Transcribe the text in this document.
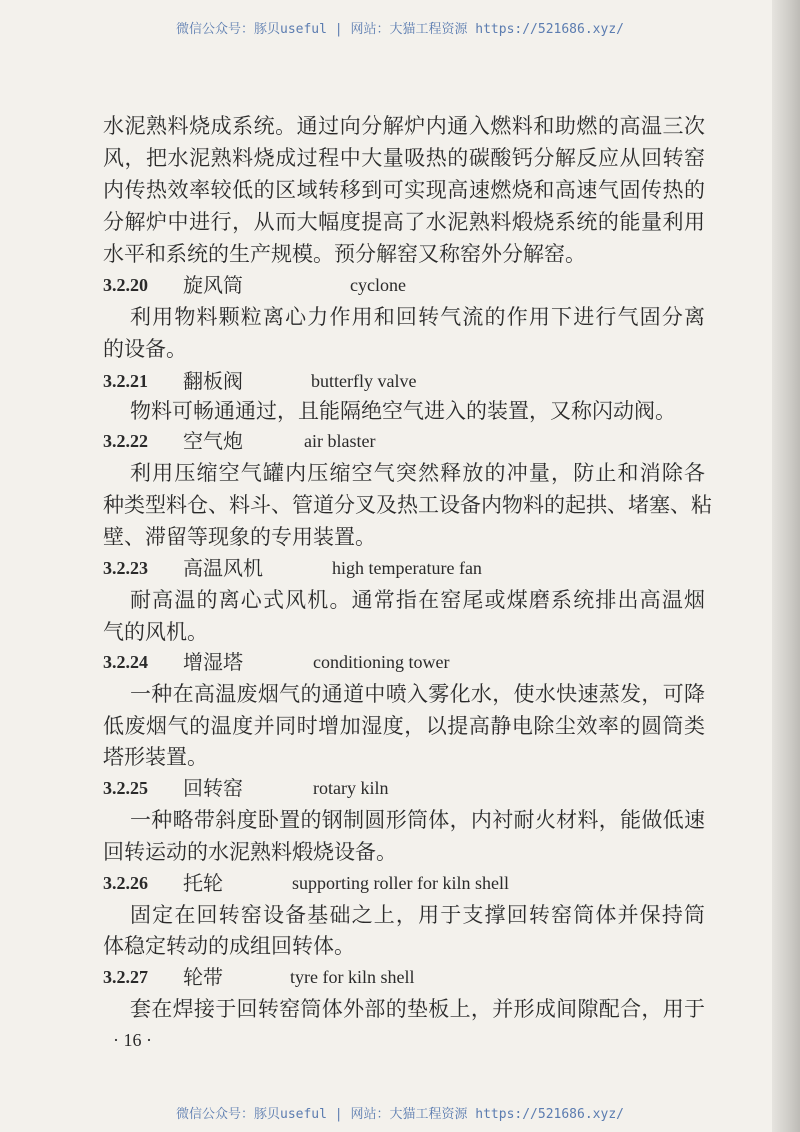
微信公众号：豚贝useful | 网站：大猫工程资源 https://521686.xyz/
水泥熟料烧成系统。通过向分解炉内通入燃料和助燃的高温三次
风，把水泥熟料烧成过程中大量吸热的碳酸钙分解反应从回转窑
内传热效率较低的区域转移到可实现高速燃烧和高速气固传热的
分解炉中进行，从而大幅度提高了水泥熟料煅烧系统的能量利用
水平和系统的生产规模。预分解窑又称窑外分解窑。
3.2.20 旋风筒	cyclone
利用物料颗粒离心力作用和回转气流的作用下进行气固分离
的设备。
3.2.21 翻板阀	butterfly valve
物料可畅通通过，且能隔绝空气进入的装置，又称闪动阀。
3.2.22 空气炮	air blaster
利用压缩空气罐内压缩空气突然释放的冲量，防止和消除各
种类型料仓、料斗、管道分叉及热工设备内物料的起拱、堵塞、粘
壁、滞留等现象的专用装置。
3.2.23 高温风机	high temperature fan
耐高温的离心式风机。通常指在窑尾或煤磨系统排出高温烟
气的风机。
3.2.24 增湿塔	conditioning tower
一种在高温废烟气的通道中喷入雾化水，使水快速蒸发，可降
低废烟气的温度并同时增加湿度，以提高静电除尘效率的圆筒类
塔形装置。
3.2.25 回转窑	rotary kiln
一种略带斜度卧置的钢制圆形筒体，内衬耐火材料，能做低速
回转运动的水泥熟料煅烧设备。
3.2.26 托轮	supporting roller for kiln shell
固定在回转窑设备基础之上，用于支撑回转窑筒体并保持筒
体稳定转动的成组回转体。
3.2.27 轮带	tyre for kiln shell
套在焊接于回转窑筒体外部的垫板上，并形成间隙配合，用于
· 16 ·
微信公众号：豚贝useful | 网站：大猫工程资源 https://521686.xyz/
